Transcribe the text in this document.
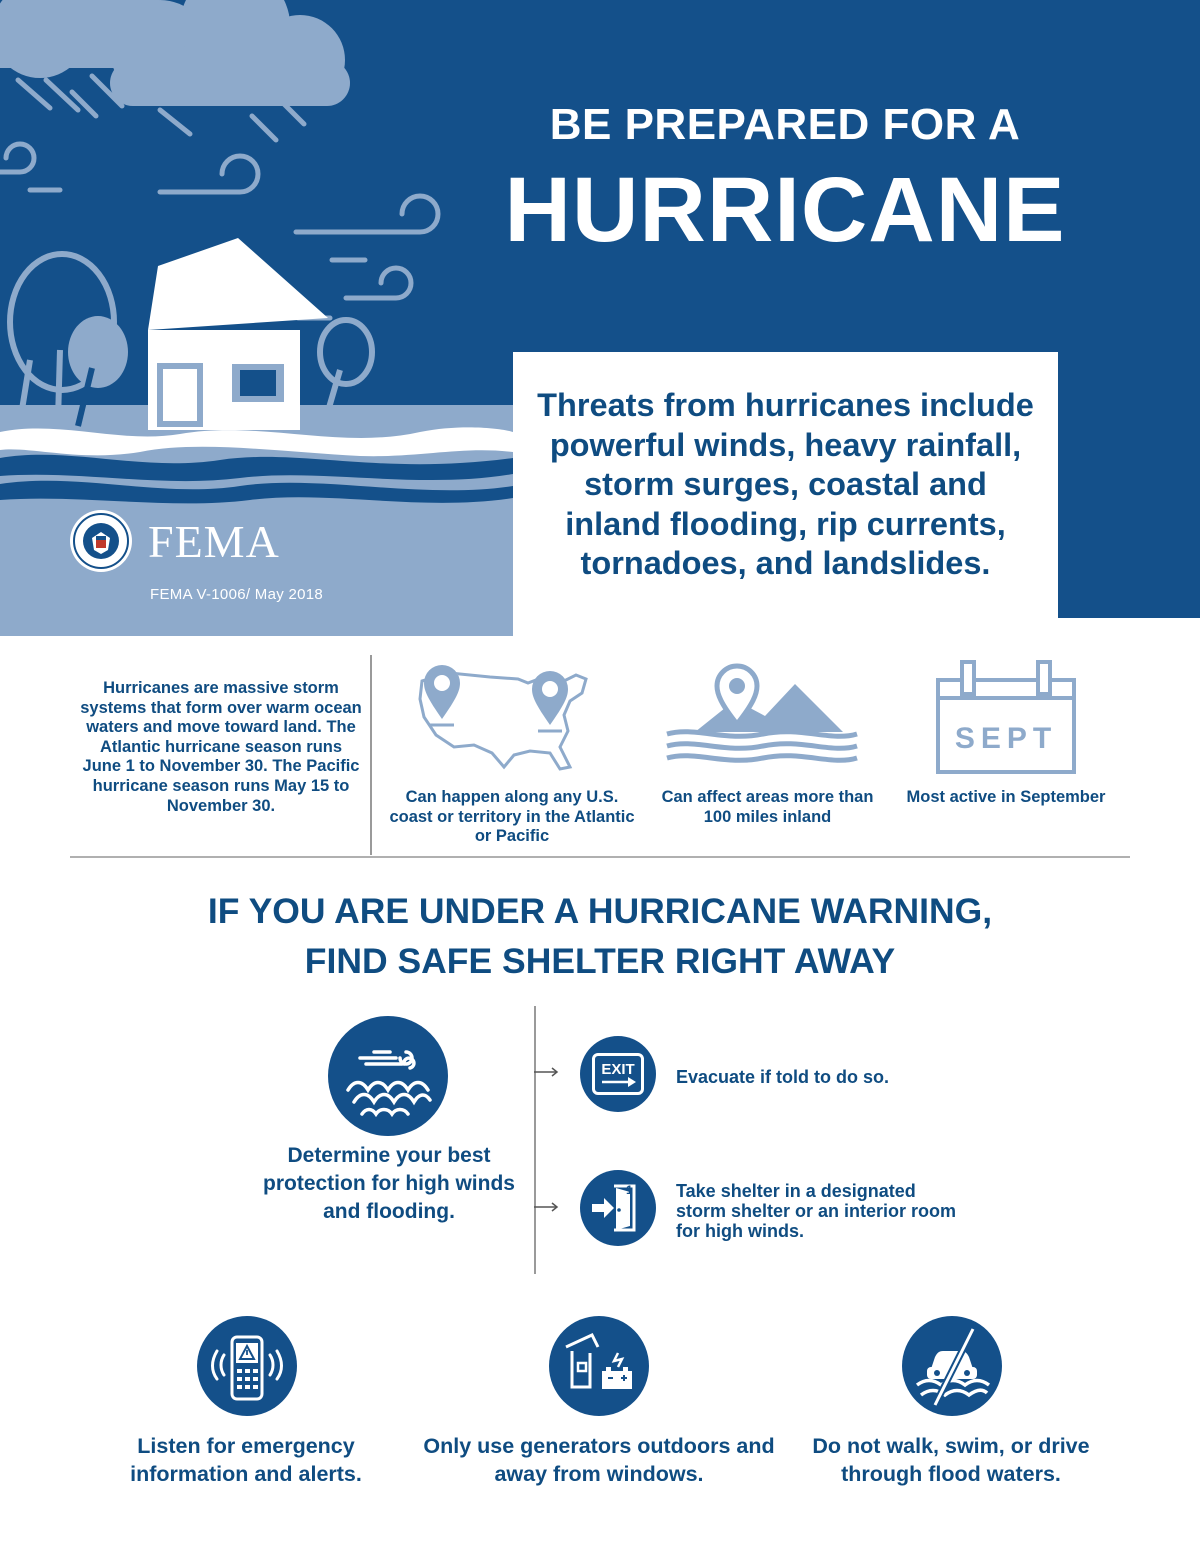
BE PREPARED FOR A
HURRICANE
Threats from hurricanes include powerful winds, heavy rainfall, storm surges, coastal and inland flooding, rip currents, tornadoes, and landslides.
FEMA
FEMA V-1006/ May 2018
Hurricanes are massive storm systems that form over warm ocean waters and move toward land. The Atlantic hurricane season runs June 1 to November 30. The Pacific hurricane season runs May 15 to November 30.	Can happen along any U.S. coast or territory in the Atlantic or Pacific
Can affect areas more than 100 miles inland
SEPT
Most active in September
IF YOU ARE UNDER A HURRICANE WARNING,
FIND SAFE SHELTER RIGHT AWAY
Determine your best protection for high winds and flooding.
EXIT Evacuate if told to do so.
1 Take shelter in a designated storm shelter or an interior room for high winds.
Listen for emergency information and alerts.
Only use generators outdoors and away from windows.
Do not walk, swim, or drive through flood waters.
